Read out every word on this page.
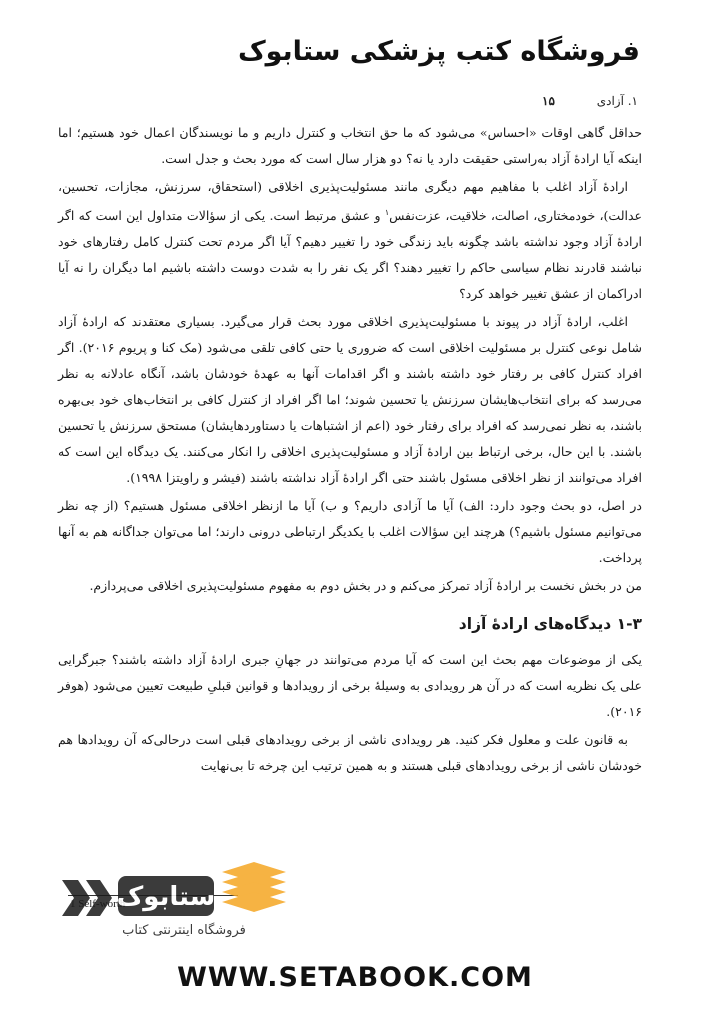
فروشگاه کتب پزشکی ستابوک
۱. آزادی ۱۵

حداقل گاهی اوقات «احساس» می‌شود که ما حق انتخاب و کنترل داریم و ما نویسندگان اعمال خود هستیم؛ اما اینکه آیا ارادهٔ آزاد به‌راستی حقیقت دارد یا نه؟ دو هزار سال است که مورد بحث و جدل است.

ارادهٔ آزاد اغلب با مفاهیم مهم دیگری مانند مسئولیت‌پذیری اخلاقی (استحقاق، سرزنش، مجازات، تحسین، عدالت)، خودمختاری، اصالت، خلاقیت، عزت‌نفس$^۱$ و عشق مرتبط است. یکی از سؤالات متداول این است که اگر ارادهٔ آزاد وجود نداشته باشد چگونه باید زندگی خود را تغییر دهیم؟ آیا اگر مردم تحت کنترل کامل رفتارهای خود نباشند قادرند نظام سیاسی حاکم را تغییر دهند؟ اگر یک نفر را به شدت دوست داشته باشیم اما دیگران را نه آیا ادراکمان از عشق تغییر خواهد کرد؟

اغلب، ارادهٔ آزاد در پیوند با مسئولیت‌پذیری اخلاقی مورد بحث قرار می‌گیرد. بسیاری معتقدند که ارادهٔ آزاد شامل نوعی کنترل بر مسئولیت اخلاقی است که ضروری یا حتی کافی تلقی می‌شود (مک کنا و پریوم ۲۰۱۶). اگر افراد کنترل کافی بر رفتار خود داشته باشند و اگر اقدامات آنها به عهدهٔ خودشان باشد، آنگاه عادلانه به نظر می‌رسد که برای انتخاب‌هایشان سرزنش یا تحسین شوند؛ اما اگر افراد از کنترل کافی بر انتخاب‌های خود بی‌بهره باشند، به نظر نمی‌رسد که افراد برای رفتار خود (اعم از اشتباهات یا دستاوردهایشان) مستحق سرزنش یا تحسین باشند. با این حال، برخی ارتباط بین ارادهٔ آزاد و مسئولیت‌پذیری اخلاقی را انکار می‌کنند. یک دیدگاه این است که افراد می‌توانند از نظر اخلاقی مسئول باشند حتی اگر ارادهٔ آزاد نداشته باشند (فیشر و راویتزا ۱۹۹۸).

در اصل، دو بحث وجود دارد: الف) آیا ما آزادی داریم؟ و ب) آیا ما ازنظر اخلاقی مسئول هستیم؟ (از چه نظر می‌توانیم مسئول باشیم؟) هرچند این سؤالات اغلب با یکدیگر ارتباطی درونی دارند؛ اما می‌توان جداگانه هم به آنها پرداخت.

من در بخش نخست بر ارادهٔ آزاد تمرکز می‌کنم و در بخش دوم به مفهوم مسئولیت‌پذیری اخلاقی می‌پردازم.

۱-۳ دیدگاه‌های ارادهٔ آزاد

یکی از موضوعات مهم بحث این است که آیا مردم می‌توانند در جهانِ جبری ارادهٔ آزاد داشته باشند؟ جبرگرایی علی یک نظریه است که در آن هر رویدادی به وسیلهٔ برخی از رویدادها و قوانین قبلیِ طبیعت تعیین می‌شود (هوفر ۲۰۱۶).

به قانون علت و معلول فکر کنید. هر رویدادی ناشی از برخی رویدادهای قبلی است درحالی‌که آن رویدادها هم خودشان ناشی از برخی رویدادهای قبلی هستند و به همین ترتیب این چرخه تا بی‌نهایت

ستابوک
فروشگاه اینترنتی کتاب
WWW.SETABOOK.COM
